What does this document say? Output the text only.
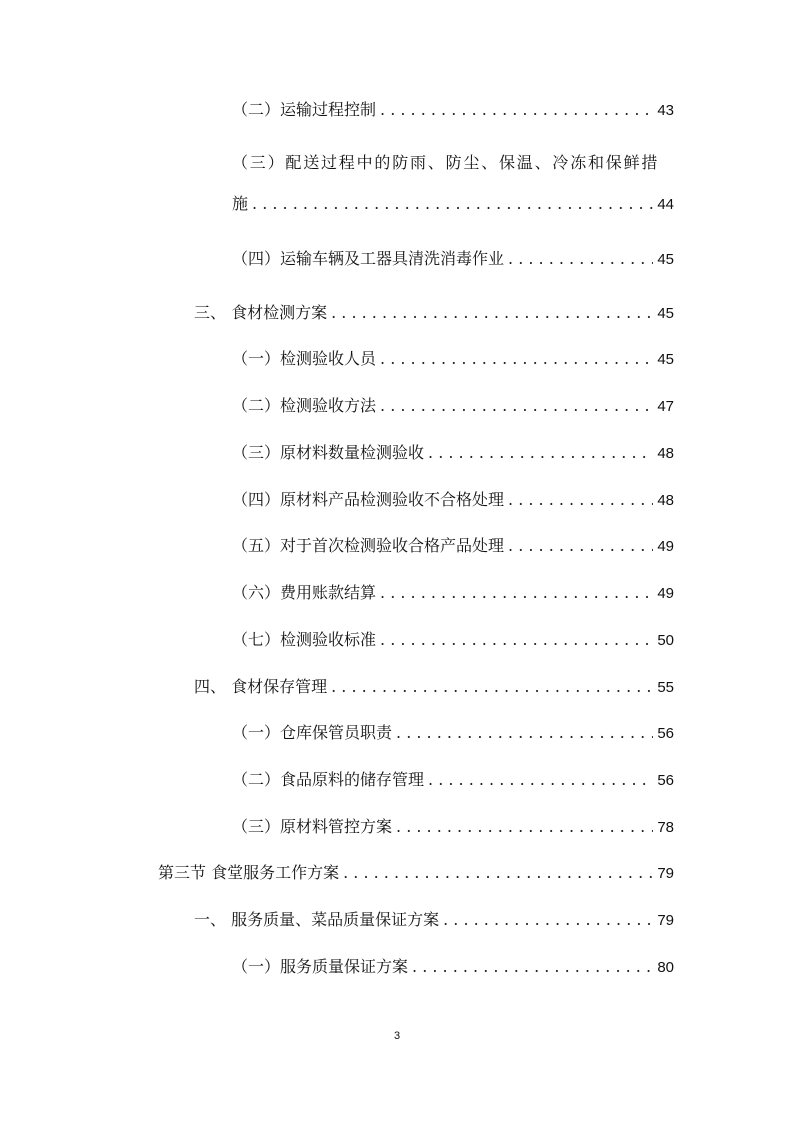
（二）运输过程控制 . . .	43
（三）配送过程中的防雨、防尘、保温、冷冻和保鲜措
施 . . .	44
（四）运输车辆及工器具清洗消毒作业 . . .	45
三、 食材检测方案 . . .	45
（一）检测验收人员 . . .	45
（二）检测验收方法 . . .	47
（三）原材料数量检测验收 . . .	48
（四）原材料产品检测验收不合格处理 . . .	48
（五）对于首次检测验收合格产品处理 . . .	49
（六）费用账款结算 . . .	49
（七）检测验收标准 . . .	50
四、 食材保存管理 . . .	55
（一）仓库保管员职责 . . .	56
（二）食品原料的储存管理 . . .	56
（三）原材料管控方案 . . .	78
第三节 食堂服务工作方案 . . .	79
一、 服务质量、菜品质量保证方案 . . .	79
（一）服务质量保证方案 . . .	80
3
